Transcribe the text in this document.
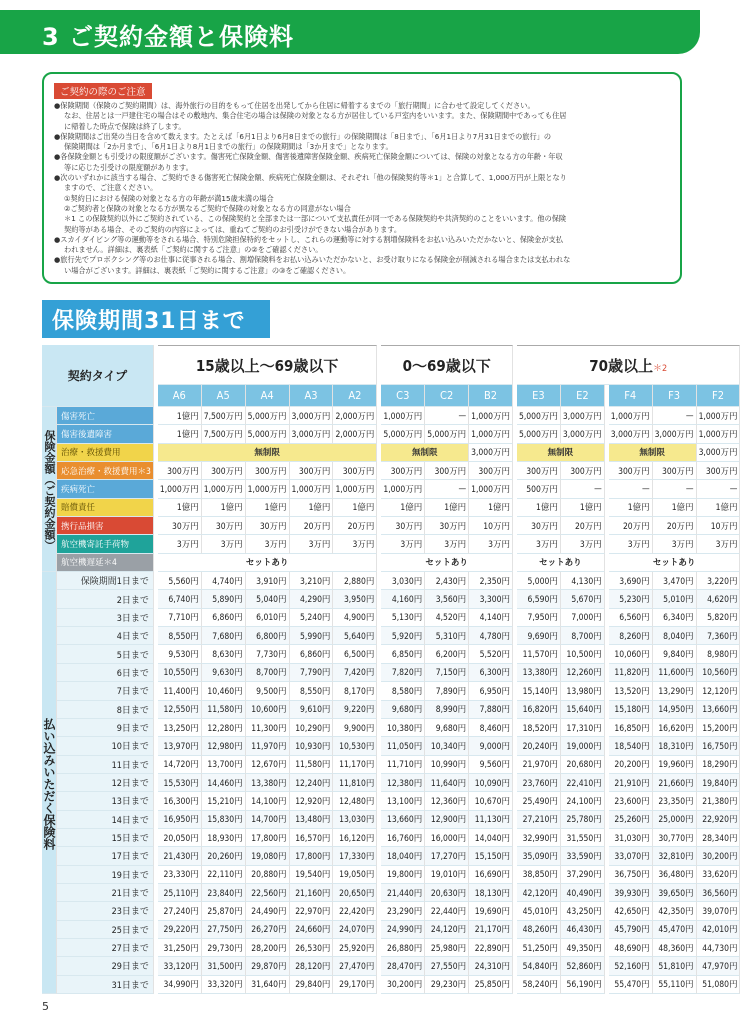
3 ご契約金額と保険料
ご契約の際のご注意
●保険期間（保険のご契約期間）は、海外旅行の目的をもって住居を出発してから住居に帰着するまでの「旅行期間」に合わせて設定してください。
なお、住居とは一戸建住宅の場合はその敷地内、集合住宅の場合は保険の対象となる方が居住している戸室内をいいます。また、保険期間中であっても住居
に帰着した時点で保険は終了します。
●保険期間はご出発の当日を含めて数えます。たとえば「6月1日より6月8日までの旅行」の保険期間は「8日まで」、「6月1日より7月31日までの旅行」の
保険期間は「2か月まで」、「6月1日より8月1日までの旅行」の保険期間は「3か月まで」となります。
●各保険金額とも引受けの限度額がございます。傷害死亡保険金額、傷害後遺障害保険金額、疾病死亡保険金額については、保険の対象となる方の年齢・年収
等に応じた引受けの限度額があります。
●次のいずれかに該当する場合、ご契約できる傷害死亡保険金額、疾病死亡保険金額は、それぞれ「他の保険契約等＊1」と合算して、1,000万円が上限となり
ますので、ご注意ください。
①契約日における保険の対象となる方の年齢が満15歳未満の場合
②ご契約者と保険の対象となる方が異なるご契約で保険の対象となる方の同意がない場合
＊1 この保険契約以外にご契約されている、この保険契約と全部または一部について支払責任が同一である保険契約や共済契約のことをいいます。他の保険
契約等がある場合、そのご契約の内容によっては、重ねてご契約のお引受けができない場合があります。
●スカイダイビング等の運動等をされる場合、特別危険担保特約をセットし、これらの運動等に対する割増保険料をお払い込みいただかないと、保険金が支払
われません。詳細は、裏表紙「ご契約に関するご注意」の②をご確認ください。
●旅行先でプロボクシング等のお仕事に従事される場合、割増保険料をお払い込みいただかないと、お受け取りになる保険金が削減される場合または支払われな
い場合がございます。詳細は、裏表紙「ご契約に関するご注意」の③をご確認ください。
保険期間31日まで
契約タイプ			15歳以上〜69歳以下						0〜69歳以下				70歳以上＊2					
			A6	A5	A4	A3	A2		C3	C2	B2		E3	E2		F4	F3	F2
保険金額（ご契約金額）	傷害死亡		1億円	7,500万円	5,000万円	3,000万円	2,000万円		1,000万円	—	1,000万円		5,000万円	3,000万円		1,000万円	—	1,000万円
	傷害後遺障害		1億円	7,500万円	5,000万円	3,000万円	2,000万円		5,000万円	5,000万円	1,000万円		5,000万円	3,000万円		3,000万円	3,000万円	1,000万円
	治療・救援費用		無制限						無制限		3,000万円		無制限			無制限		3,000万円
	応急治療・救援費用＊3		300万円	300万円	300万円	300万円	300万円		300万円	300万円	300万円		300万円	300万円		300万円	300万円	300万円
	疾病死亡		1,000万円	1,000万円	1,000万円	1,000万円	1,000万円		1,000万円	—	1,000万円		500万円	—		—	—	—
	賠償責任		1億円	1億円	1億円	1億円	1億円		1億円	1億円	1億円		1億円	1億円		1億円	1億円	1億円
	携行品損害		30万円	30万円	30万円	20万円	20万円		30万円	30万円	10万円		30万円	20万円		20万円	20万円	10万円
	航空機寄託手荷物		3万円	3万円	3万円	3万円	3万円		3万円	3万円	3万円		3万円	3万円		3万円	3万円	3万円
	航空機遅延＊4		セットあり						セットあり				セットあり			セットあり		
払い込みいただく保険料	保険期間1日まで		5,560円	4,740円	3,910円	3,210円	2,880円		3,030円	2,430円	2,350円		5,000円	4,130円		3,690円	3,470円	3,220円
	2日まで		6,740円	5,890円	5,040円	4,290円	3,950円		4,160円	3,560円	3,300円		6,590円	5,670円		5,230円	5,010円	4,620円
	3日まで		7,710円	6,860円	6,010円	5,240円	4,900円		5,130円	4,520円	4,140円		7,950円	7,000円		6,560円	6,340円	5,820円
	4日まで		8,550円	7,680円	6,800円	5,990円	5,640円		5,920円	5,310円	4,780円		9,690円	8,700円		8,260円	8,040円	7,360円
	5日まで		9,530円	8,630円	7,730円	6,860円	6,500円		6,850円	6,200円	5,520円		11,570円	10,500円		10,060円	9,840円	8,980円
	6日まで		10,550円	9,630円	8,700円	7,790円	7,420円		7,820円	7,150円	6,300円		13,380円	12,260円		11,820円	11,600円	10,560円
	7日まで		11,400円	10,460円	9,500円	8,550円	8,170円		8,580円	7,890円	6,950円		15,140円	13,980円		13,520円	13,290円	12,120円
	8日まで		12,550円	11,580円	10,600円	9,610円	9,220円		9,680円	8,990円	7,880円		16,820円	15,640円		15,180円	14,950円	13,660円
	9日まで		13,250円	12,280円	11,300円	10,290円	9,900円		10,380円	9,680円	8,460円		18,520円	17,310円		16,850円	16,620円	15,200円
	10日まで		13,970円	12,980円	11,970円	10,930円	10,530円		11,050円	10,340円	9,000円		20,240円	19,000円		18,540円	18,310円	16,750円
	11日まで		14,720円	13,700円	12,670円	11,580円	11,170円		11,710円	10,990円	9,560円		21,970円	20,680円		20,200円	19,960円	18,290円
	12日まで		15,530円	14,460円	13,380円	12,240円	11,810円		12,380円	11,640円	10,090円		23,760円	22,410円		21,910円	21,660円	19,840円
	13日まで		16,300円	15,210円	14,100円	12,920円	12,480円		13,100円	12,360円	10,670円		25,490円	24,100円		23,600円	23,350円	21,380円
	14日まで		16,950円	15,830円	14,700円	13,480円	13,030円		13,660円	12,900円	11,130円		27,210円	25,780円		25,260円	25,000円	22,920円
	15日まで		20,050円	18,930円	17,800円	16,570円	16,120円		16,760円	16,000円	14,040円		32,990円	31,550円		31,030円	30,770円	28,340円
	17日まで		21,430円	20,260円	19,080円	17,800円	17,330円		18,040円	17,270円	15,150円		35,090円	33,590円		33,070円	32,810円	30,200円
	19日まで		23,330円	22,110円	20,880円	19,540円	19,050円		19,800円	19,010円	16,690円		38,850円	37,290円		36,750円	36,480円	33,620円
	21日まで		25,110円	23,840円	22,560円	21,160円	20,650円		21,440円	20,630円	18,130円		42,120円	40,490円		39,930円	39,650円	36,560円
	23日まで		27,240円	25,870円	24,490円	22,970円	22,420円		23,290円	22,440円	19,690円		45,010円	43,250円		42,650円	42,350円	39,070円
	25日まで		29,220円	27,750円	26,270円	24,660円	24,070円		24,990円	24,120円	21,170円		48,260円	46,430円		45,790円	45,470円	42,010円
	27日まで		31,250円	29,730円	28,200円	26,530円	25,920円		26,880円	25,980円	22,890円		51,250円	49,350円		48,690円	48,360円	44,730円
	29日まで		33,120円	31,500円	29,870円	28,120円	27,470円		28,470円	27,550円	24,310円		54,840円	52,860円		52,160円	51,810円	47,970円
	31日まで		34,990円	33,320円	31,640円	29,840円	29,170円		30,200円	29,230円	25,850円		58,240円	56,190円		55,470円	55,110円	51,080円
5
